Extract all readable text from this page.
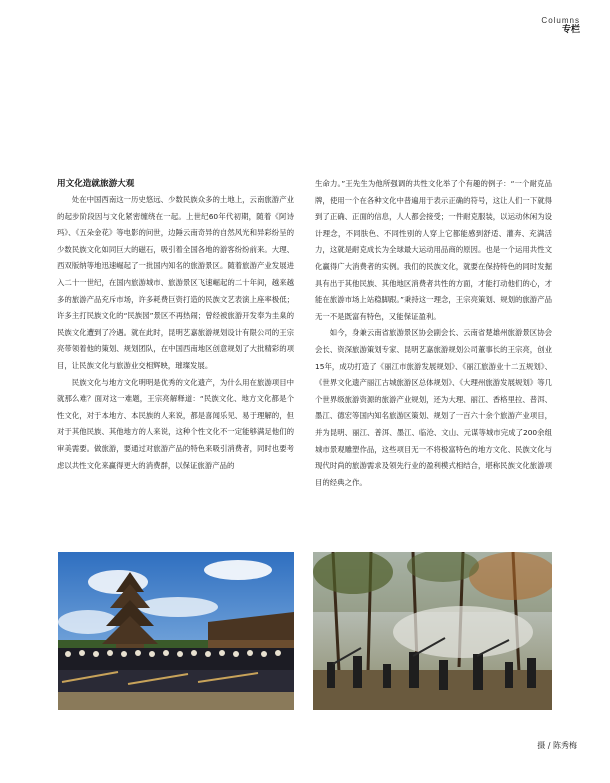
Columns
专栏
用文化造就旅游大观

处在中国西南这一历史悠远、少数民族众多的土地上，云南旅游产业的起步阶段因与文化紧密缠绕在一起。上世纪60年代初期，随着《阿诗玛》、《五朵金花》等电影的问世，边陲云南奇异的自然风光和异彩纷呈的少数民族文化如同巨大的磁石，吸引着全国各地的游客纷纷前来。大理、西双版纳等地迅速崛起了一批国内知名的旅游景区。随着旅游产业发展进入二十一世纪，在国内旅游城市、旅游景区飞速崛起的二十年间，越来越多的旅游产品充斥市场，许多耗费巨资打造的民族文艺表演上座率极低；许多主打民族文化的“民族园”景区不再热闹；曾经被旅游开发奉为圭臬的民族文化遭到了冷遇。就在此时，昆明艺嘉旅游规划设计有限公司的王宗亮带领着他的策划、规划团队，在中国西南地区创意规划了大批精彩的项目，让民族文化与旅游业交相辉映，璀璨发展。

民族文化与地方文化明明是优秀的文化遗产，为什么用在旅游项目中就那么难？面对这一难题，王宗亮解释道：“民族文化、地方文化都是个性文化，对于本地方、本民族的人来说，都是喜闻乐见、易于理解的，但对于其他民族、其他地方的人来说，这种个性文化不一定能够满足他们的审美需要。做旅游，要通过对旅游产品的特色来吸引消费者，同时也要考虑以共性文化来赢得更大的消费群，以保证旅游产品的

生命力。”王先生为他所强调的共性文化举了个有趣的例子：“一个耐克品牌，使用一个在各种文化中普遍用于表示正确的符号，这让人们一下就得到了正确、正面的信息，人人都会接受；一件耐克服装，以运动休闲为设计理念，不同肤色、不同性别的人穿上它都能感到舒适、灌奔、充满活力，这就是耐克成长为全球最大运动用品商的原因。也是一个运用共性文化赢得广大消费者的实例。我们的民族文化，就要在保持特色的同时发掘具有出于其他民族、其他地区消费者共性的方面，才能打动他们的心，才能在旅游市场上站稳脚跟。”秉持这一理念，王宗亮策划、规划的旅游产品无一不是既富有特色，又能保证盈利。

如今，身兼云南省旅游景区协会副会长、云南省楚雄州旅游景区协会会长、资深旅游策划专家、昆明艺嘉旅游规划公司董事长的王宗亮，创业15年，成功打造了《丽江市旅游发展规划》、《丽江旅游业十二五规划》、《世界文化遗产丽江古城旅游区总体规划》、《大理州旅游发展规划》等几个世界级旅游资源的旅游产业规划，还为大理、丽江、香格里拉、普洱、墨江、德宏等国内知名旅游区策划、规划了一百六十余个旅游产业项目，并为昆明、丽江、普洱、墨江、临沧、文山、元谋等城市完成了200余组城市景观雕塑作品，这些项目无一不将极富特色的地方文化、民族文化与现代时尚的旅游需求及领先行业的盈利模式相结合，堪称民族文化旅游项目的经典之作。

摄 / 陈秀梅
